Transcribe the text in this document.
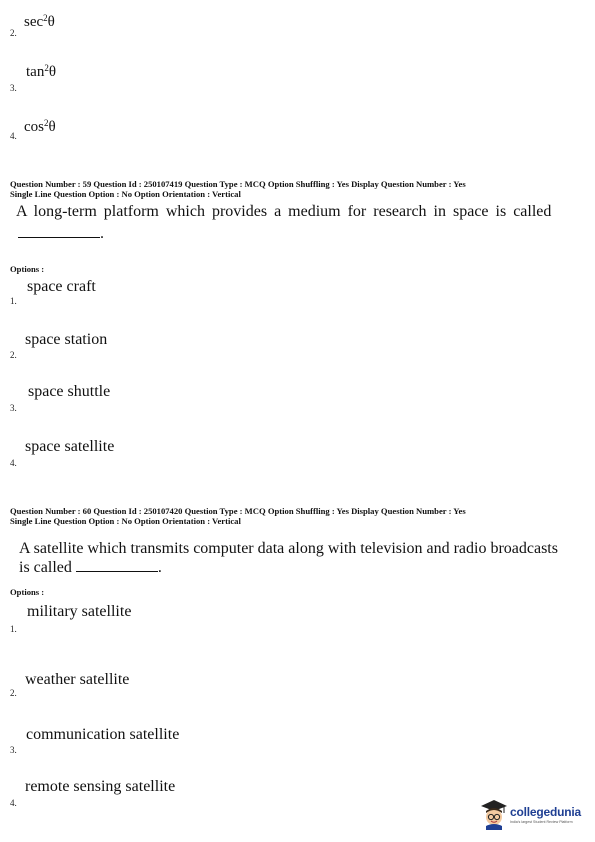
2.
$\sec^2\theta$
3.
$\tan^2\theta$
4.
$\cos^2\theta$
Question Number : 59 Question Id : 250107419 Question Type : MCQ Option Shuffling : Yes Display Question Number : Yes
Single Line Question Option : No Option Orientation : Vertical
A long-term platform which provides a medium for research in space is called
.
Options :
space craft
1.
space station
2.
space shuttle
3.
space satellite
4.
Question Number : 60 Question Id : 250107420 Question Type : MCQ Option Shuffling : Yes Display Question Number : Yes
Single Line Question Option : No Option Orientation : Vertical
A satellite which transmits computer data along with television and radio broadcasts
is called	.
Options :
military satellite
1.
weather satellite
2.
communication satellite
3.
remote sensing satellite
4.
collegedunia
India's largest Student Review Platform
